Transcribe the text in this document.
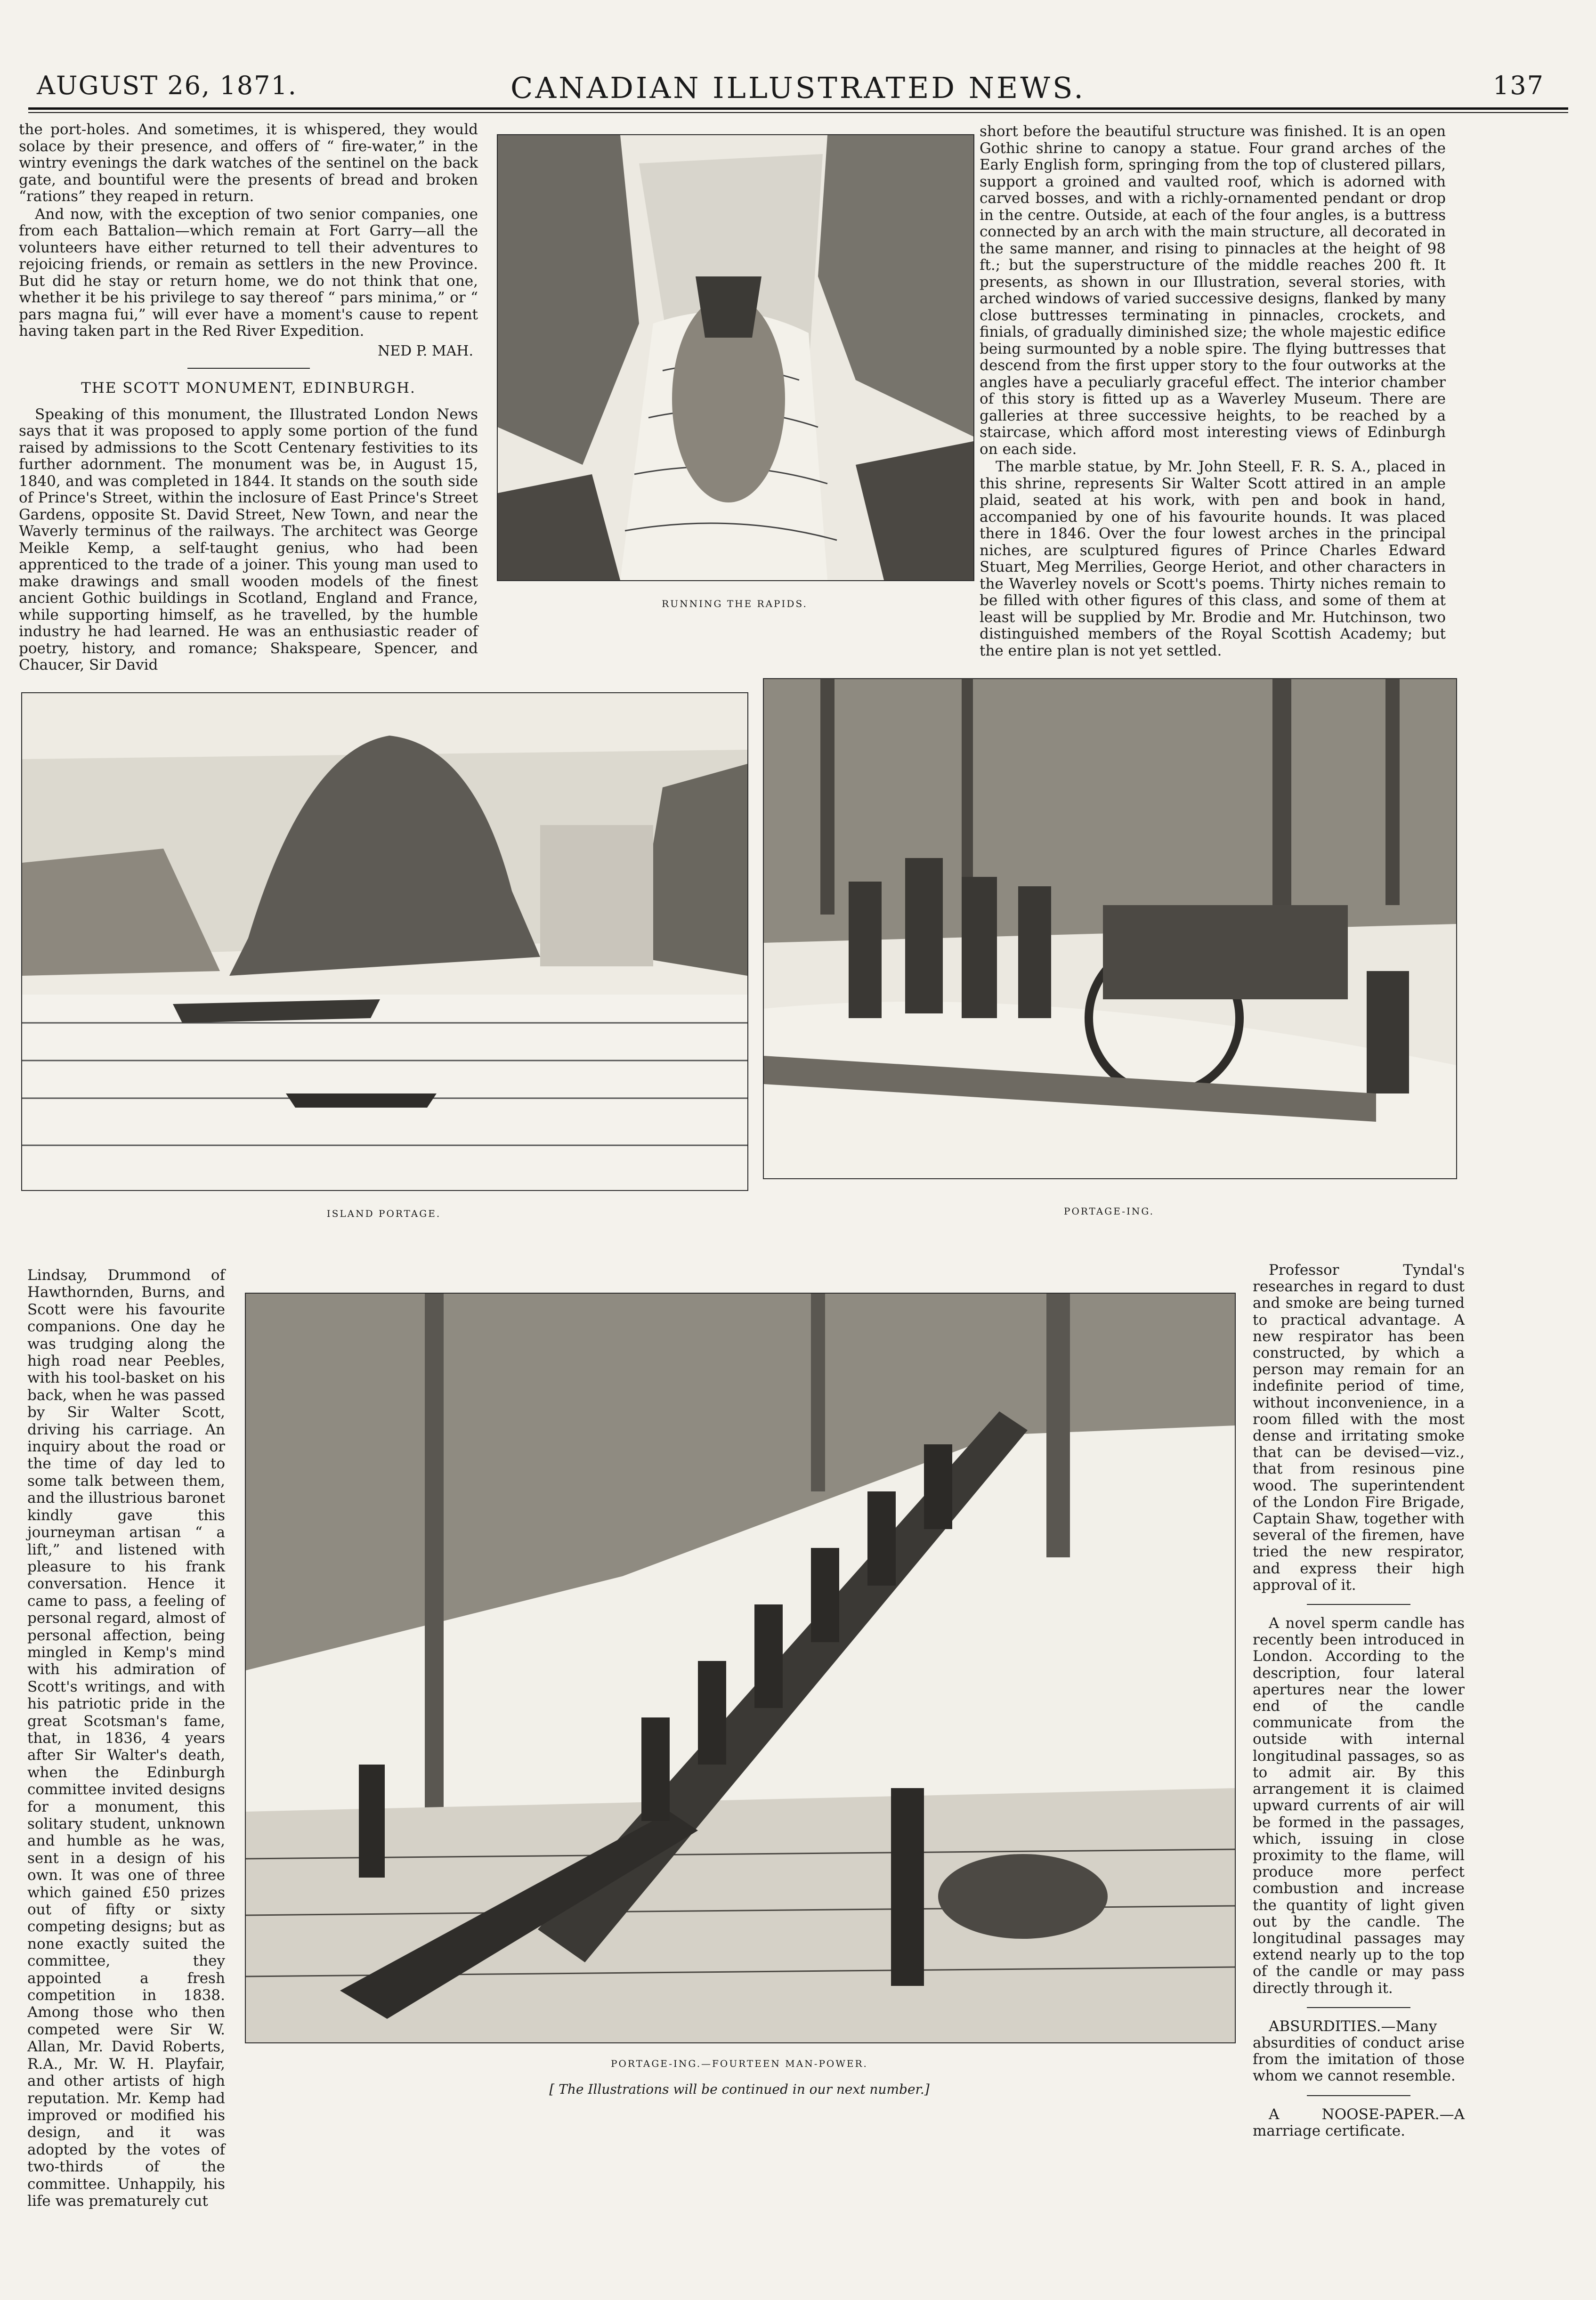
AUGUST 26, 1871.	CANADIAN ILLUSTRATED NEWS.	137

the port-holes. And sometimes, it is whispered, they would solace by their presence, and offers of “ fire-water,” in the wintry evenings the dark watches of the sentinel on the back gate, and bountiful were the presents of bread and broken “rations” they reaped in return.

And now, with the exception of two senior companies, one from each Battalion—which remain at Fort Garry—all the volunteers have either returned to tell their adventures to rejoicing friends, or remain as settlers in the new Province. But did he stay or return home, we do not think that one, whether it be his privilege to say thereof “ pars minima,” or “ pars magna fui,” will ever have a moment's cause to repent having taken part in the Red River Expedition.

NED P. MAH.
THE SCOTT MONUMENT, EDINBURGH.

Speaking of this monument, the Illustrated London News says that it was proposed to apply some portion of the fund raised by admissions to the Scott Centenary festivities to its further adornment. The monument was be, in August 15, 1840, and was completed in 1844. It stands on the south side of Prince's Street, within the inclosure of East Prince's Street Gardens, opposite St. David Street, New Town, and near the Waverly terminus of the railways. The architect was George Meikle Kemp, a self-taught genius, who had been apprenticed to the trade of a joiner. This young man used to make drawings and small wooden models of the finest ancient Gothic buildings in Scotland, England and France, while supporting himself, as he travelled, by the humble industry he had learned. He was an enthusiastic reader of poetry, history, and romance; Shakspeare, Spencer, and Chaucer, Sir David

RUNNING THE RAPIDS.

short before the beautiful structure was finished. It is an open Gothic shrine to canopy a statue. Four grand arches of the Early English form, springing from the top of clustered pillars, support a groined and vaulted roof, which is adorned with carved bosses, and with a richly-ornamented pendant or drop in the centre. Outside, at each of the four angles, is a buttress connected by an arch with the main structure, all decorated in the same manner, and rising to pinnacles at the height of 98 ft.; but the superstructure of the middle reaches 200 ft. It presents, as shown in our Illustration, several stories, with arched windows of varied successive designs, flanked by many close buttresses terminating in pinnacles, crockets, and finials, of gradually diminished size; the whole majestic edifice being surmounted by a noble spire. The flying buttresses that descend from the first upper story to the four outworks at the angles have a peculiarly graceful effect. The interior chamber of this story is fitted up as a Waverley Museum. There are galleries at three successive heights, to be reached by a staircase, which afford most interesting views of Edinburgh on each side.

The marble statue, by Mr. John Steell, F. R. S. A., placed in this shrine, represents Sir Walter Scott attired in an ample plaid, seated at his work, with pen and book in hand, accompanied by one of his favourite hounds. It was placed there in 1846. Over the four lowest arches in the principal niches, are sculptured figures of Prince Charles Edward Stuart, Meg Merrilies, George Heriot, and other characters in the Waverley novels or Scott's poems. Thirty niches remain to be filled with other figures of this class, and some of them at least will be supplied by Mr. Brodie and Mr. Hutchinson, two distinguished members of the Royal Scottish Academy; but the entire plan is not yet settled.

ISLAND PORTAGE.	PORTAGE-ING.

Lindsay, Drummond of Hawthornden, Burns, and Scott were his favourite companions. One day he was trudging along the high road near Peebles, with his tool-basket on his back, when he was passed by Sir Walter Scott, driving his carriage. An inquiry about the road or the time of day led to some talk between them, and the illustrious baronet kindly gave this journeyman artisan “ a lift,” and listened with pleasure to his frank conversation. Hence it came to pass, a feeling of personal regard, almost of personal affection, being mingled in Kemp's mind with his admiration of Scott's writings, and with his patriotic pride in the great Scotsman's fame, that, in 1836, 4 years after Sir Walter's death, when the Edinburgh committee invited designs for a monument, this solitary student, unknown and humble as he was, sent in a design of his own. It was one of three which gained £50 prizes out of fifty or sixty competing designs; but as none exactly suited the committee, they appointed a fresh competition in 1838. Among those who then competed were Sir W. Allan, Mr. David Roberts, R.A., Mr. W. H. Playfair, and other artists of high reputation. Mr. Kemp had improved or modified his design, and it was adopted by the votes of two-thirds of the committee. Unhappily, his life was prematurely cut

PORTAGE-ING.—FOURTEEN MAN-POWER.
[ The Illustrations will be continued in our next number.]

Professor Tyndal's researches in regard to dust and smoke are being turned to practical advantage. A new respirator has been constructed, by which a person may remain for an indefinite period of time, without inconvenience, in a room filled with the most dense and irritating smoke that can be devised—viz., that from resinous pine wood. The superintendent of the London Fire Brigade, Captain Shaw, together with several of the firemen, have tried the new respirator, and express their high approval of it.

A novel sperm candle has recently been introduced in London. According to the description, four lateral apertures near the lower end of the candle communicate from the outside with internal longitudinal passages, so as to admit air. By this arrangement it is claimed upward currents of air will be formed in the passages, which, issuing in close proximity to the flame, will produce more perfect combustion and increase the quantity of light given out by the candle. The longitudinal passages may extend nearly up to the top of the candle or may pass directly through it.

ABSURDITIES.—Many absurdities of conduct arise from the imitation of those whom we cannot resemble.

A NOOSE-PAPER.—A marriage certificate.
